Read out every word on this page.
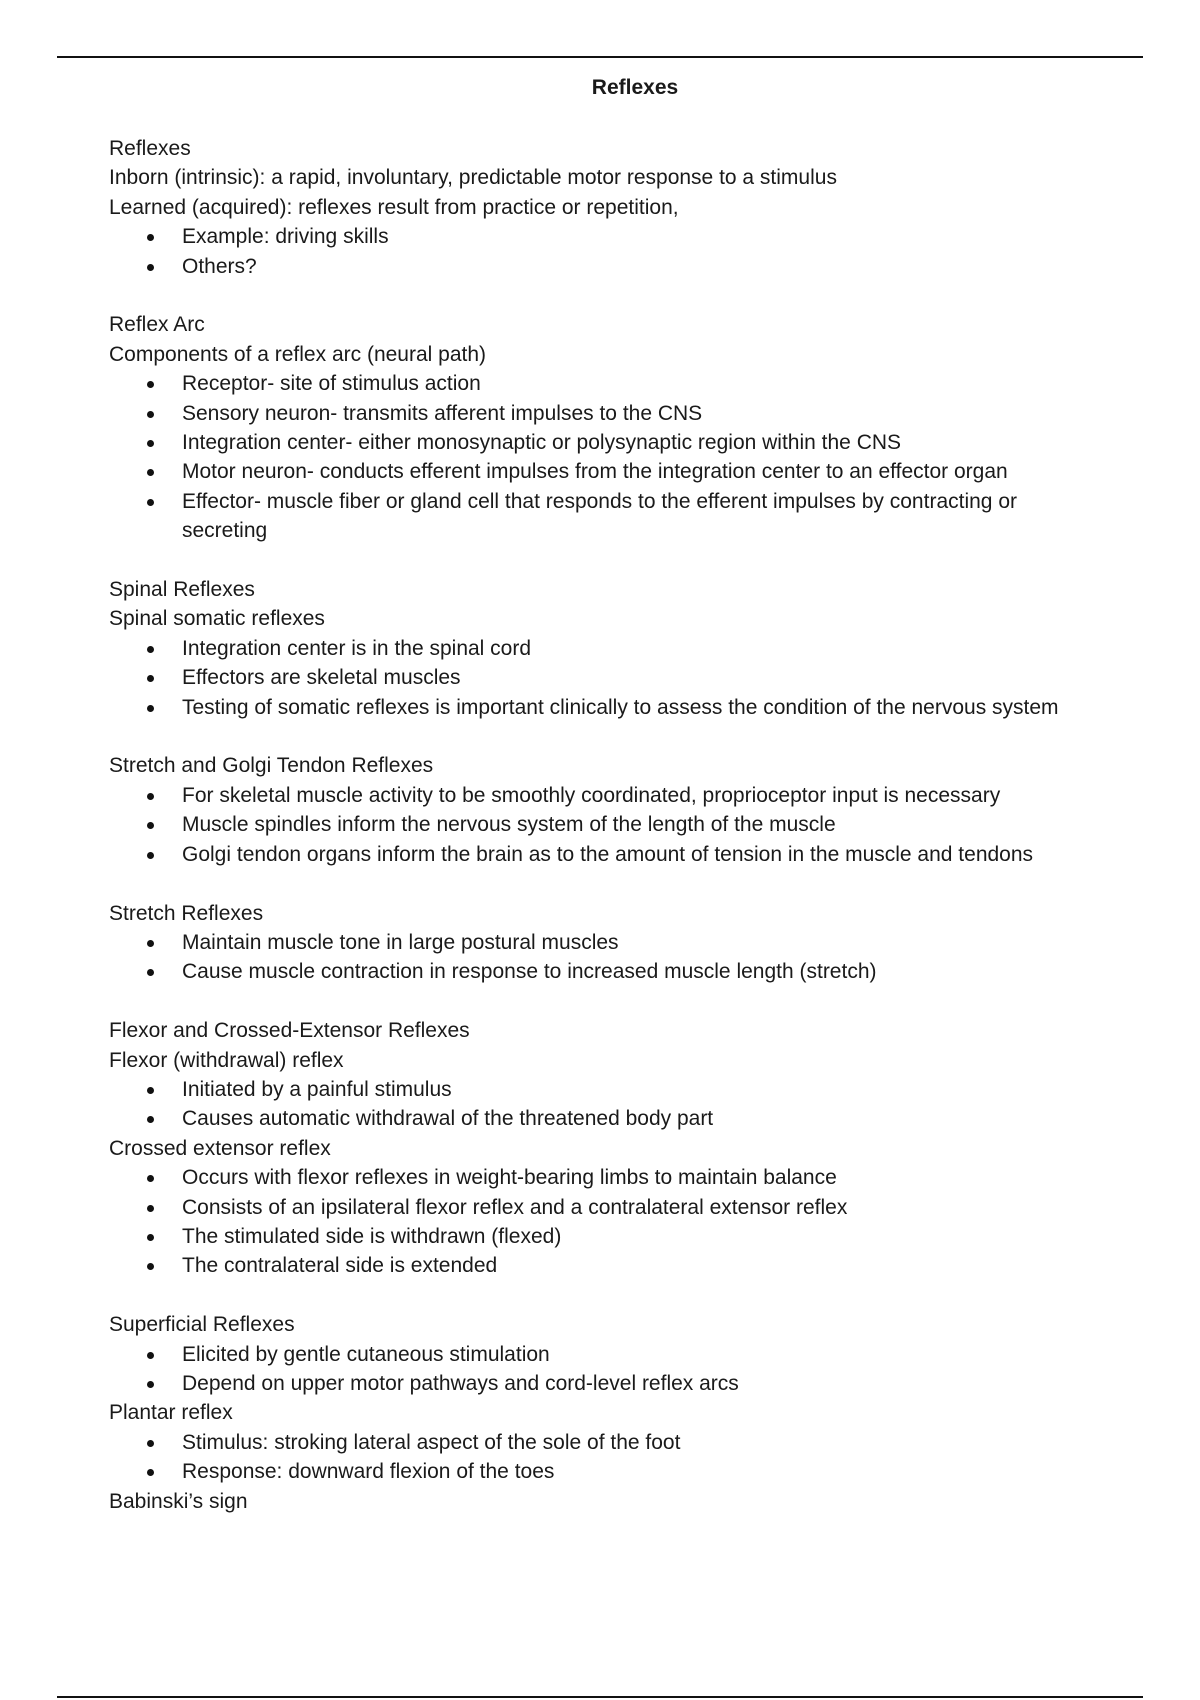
Reflexes

Reflexes

Inborn (intrinsic): a rapid, involuntary, predictable motor response to a stimulus

Learned (acquired): reflexes result from practice or repetition,

Example: driving skills
Others?

Reflex Arc

Components of a reflex arc (neural path)

Receptor- site of stimulus action
Sensory neuron- transmits afferent impulses to the CNS
Integration center- either monosynaptic or polysynaptic region within the CNS
Motor neuron- conducts efferent impulses from the integration center to an effector organ
Effector- muscle fiber or gland cell that responds to the efferent impulses by contracting or secreting

Spinal Reflexes

Spinal somatic reflexes

Integration center is in the spinal cord
Effectors are skeletal muscles
Testing of somatic reflexes is important clinically to assess the condition of the nervous system

Stretch and Golgi Tendon Reflexes

For skeletal muscle activity to be smoothly coordinated, proprioceptor input is necessary
Muscle spindles inform the nervous system of the length of the muscle
Golgi tendon organs inform the brain as to the amount of tension in the muscle and tendons

Stretch Reflexes

Maintain muscle tone in large postural muscles
Cause muscle contraction in response to increased muscle length (stretch)

Flexor and Crossed-Extensor Reflexes

Flexor (withdrawal) reflex

Initiated by a painful stimulus
Causes automatic withdrawal of the threatened body part

Crossed extensor reflex

Occurs with flexor reflexes in weight-bearing limbs to maintain balance
Consists of an ipsilateral flexor reflex and a contralateral extensor reflex
The stimulated side is withdrawn (flexed)
The contralateral side is extended

Superficial Reflexes

Elicited by gentle cutaneous stimulation
Depend on upper motor pathways and cord-level reflex arcs

Plantar reflex

Stimulus: stroking lateral aspect of the sole of the foot
Response: downward flexion of the toes

Babinski’s sign
